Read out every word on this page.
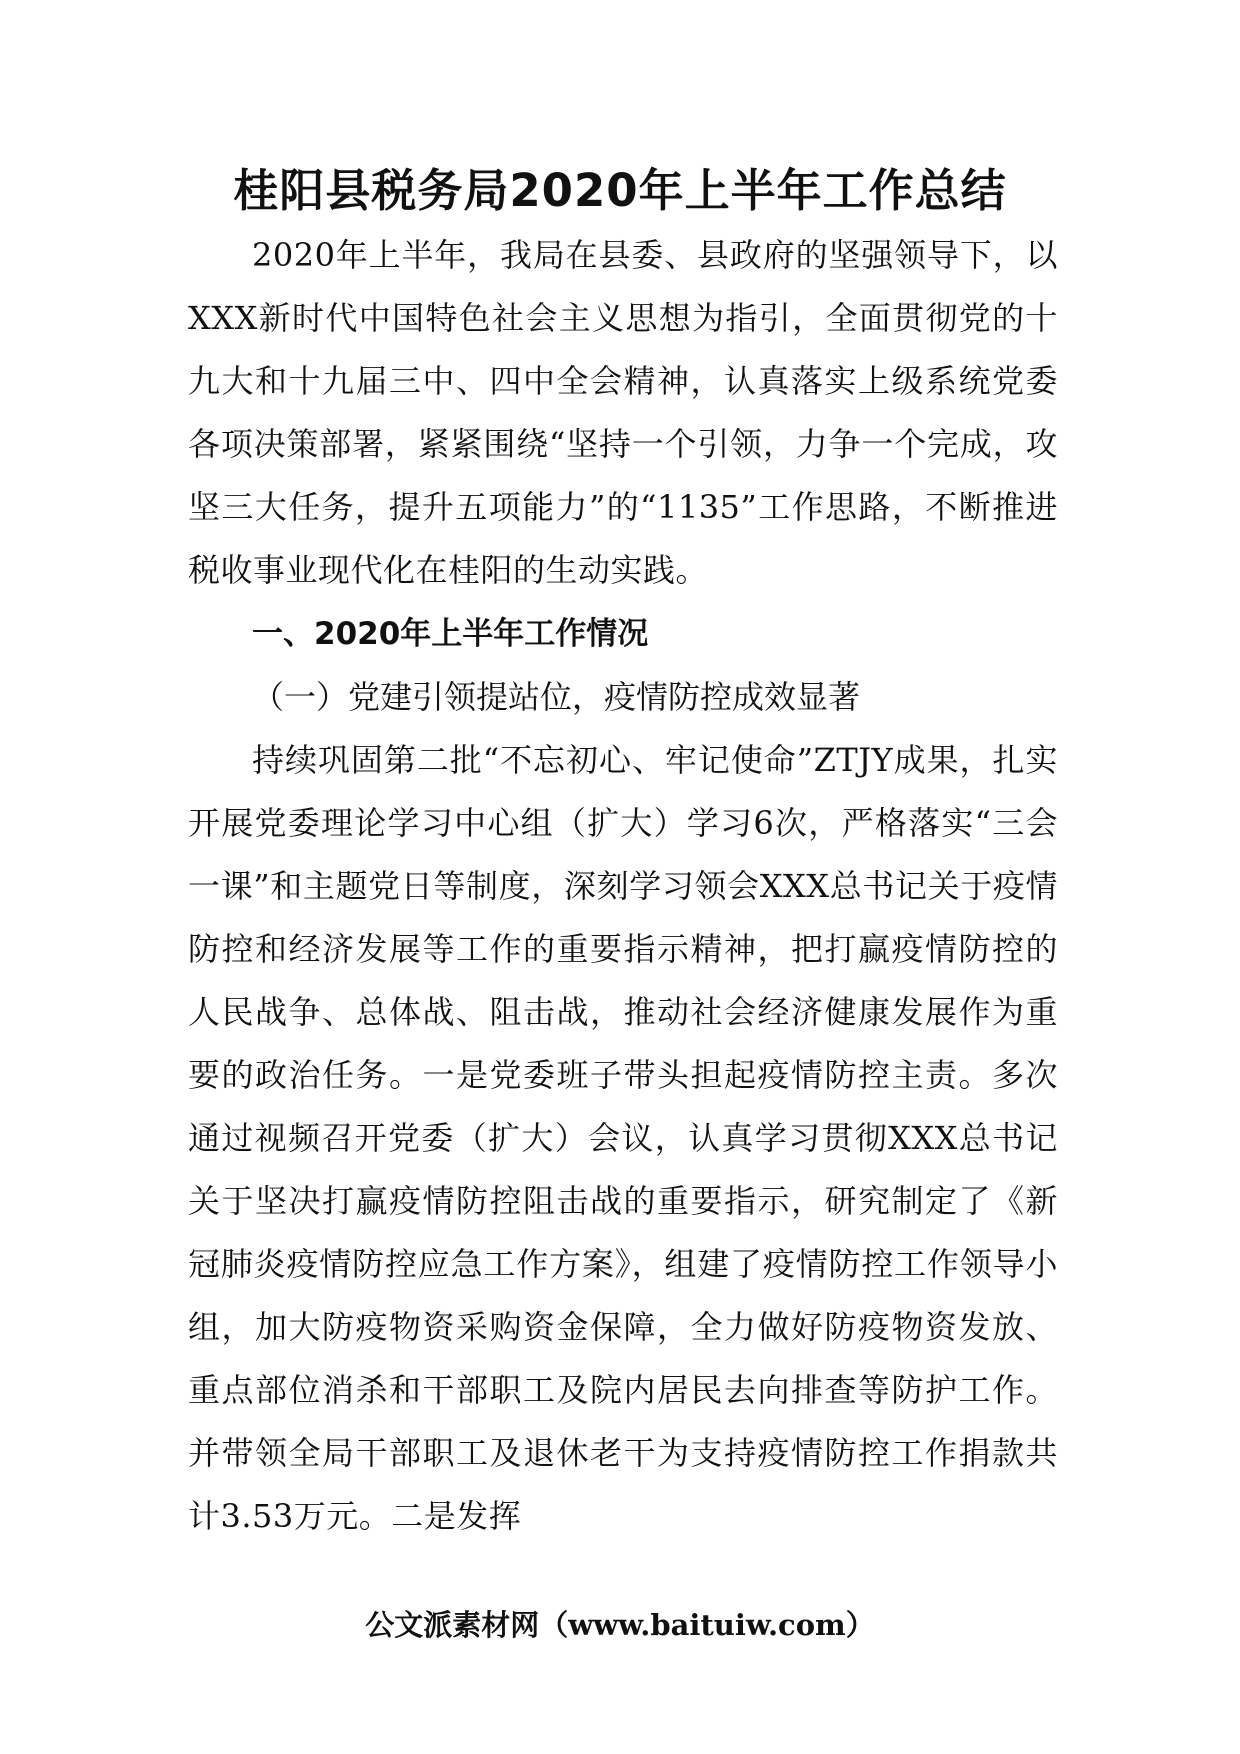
桂阳县税务局2020年上半年工作总结

2020年上半年，我局在县委、县政府的坚强领导下，以XXX新时代中国特色社会主义思想为指引，全面贯彻党的十九大和十九届三中、四中全会精神，认真落实上级系统党委各项决策部署，紧紧围绕“坚持一个引领，力争一个完成，攻坚三大任务，提升五项能力”的“1135”工作思路，不断推进税收事业现代化在桂阳的生动实践。

一、2020年上半年工作情况

（一）党建引领提站位，疫情防控成效显著

持续巩固第二批“不忘初心、牢记使命”ZTJY成果，扎实开展党委理论学习中心组（扩大）学习6次，严格落实“三会一课”和主题党日等制度，深刻学习领会XXX总书记关于疫情防控和经济发展等工作的重要指示精神，把打赢疫情防控的人民战争、总体战、阻击战，推动社会经济健康发展作为重要的政治任务。一是党委班子带头担起疫情防控主责。多次通过视频召开党委（扩大）会议，认真学习贯彻XXX总书记关于坚决打赢疫情防控阻击战的重要指示，研究制定了《新冠肺炎疫情防控应急工作方案》，组建了疫情防控工作领导小组，加大防疫物资采购资金保障，全力做好防疫物资发放、重点部位消杀和干部职工及院内居民去向排查等防护工作。并带领全局干部职工及退休老干为支持疫情防控工作捐款共计3.53万元。二是发挥

公文派素材网（www.baituiw.com）
